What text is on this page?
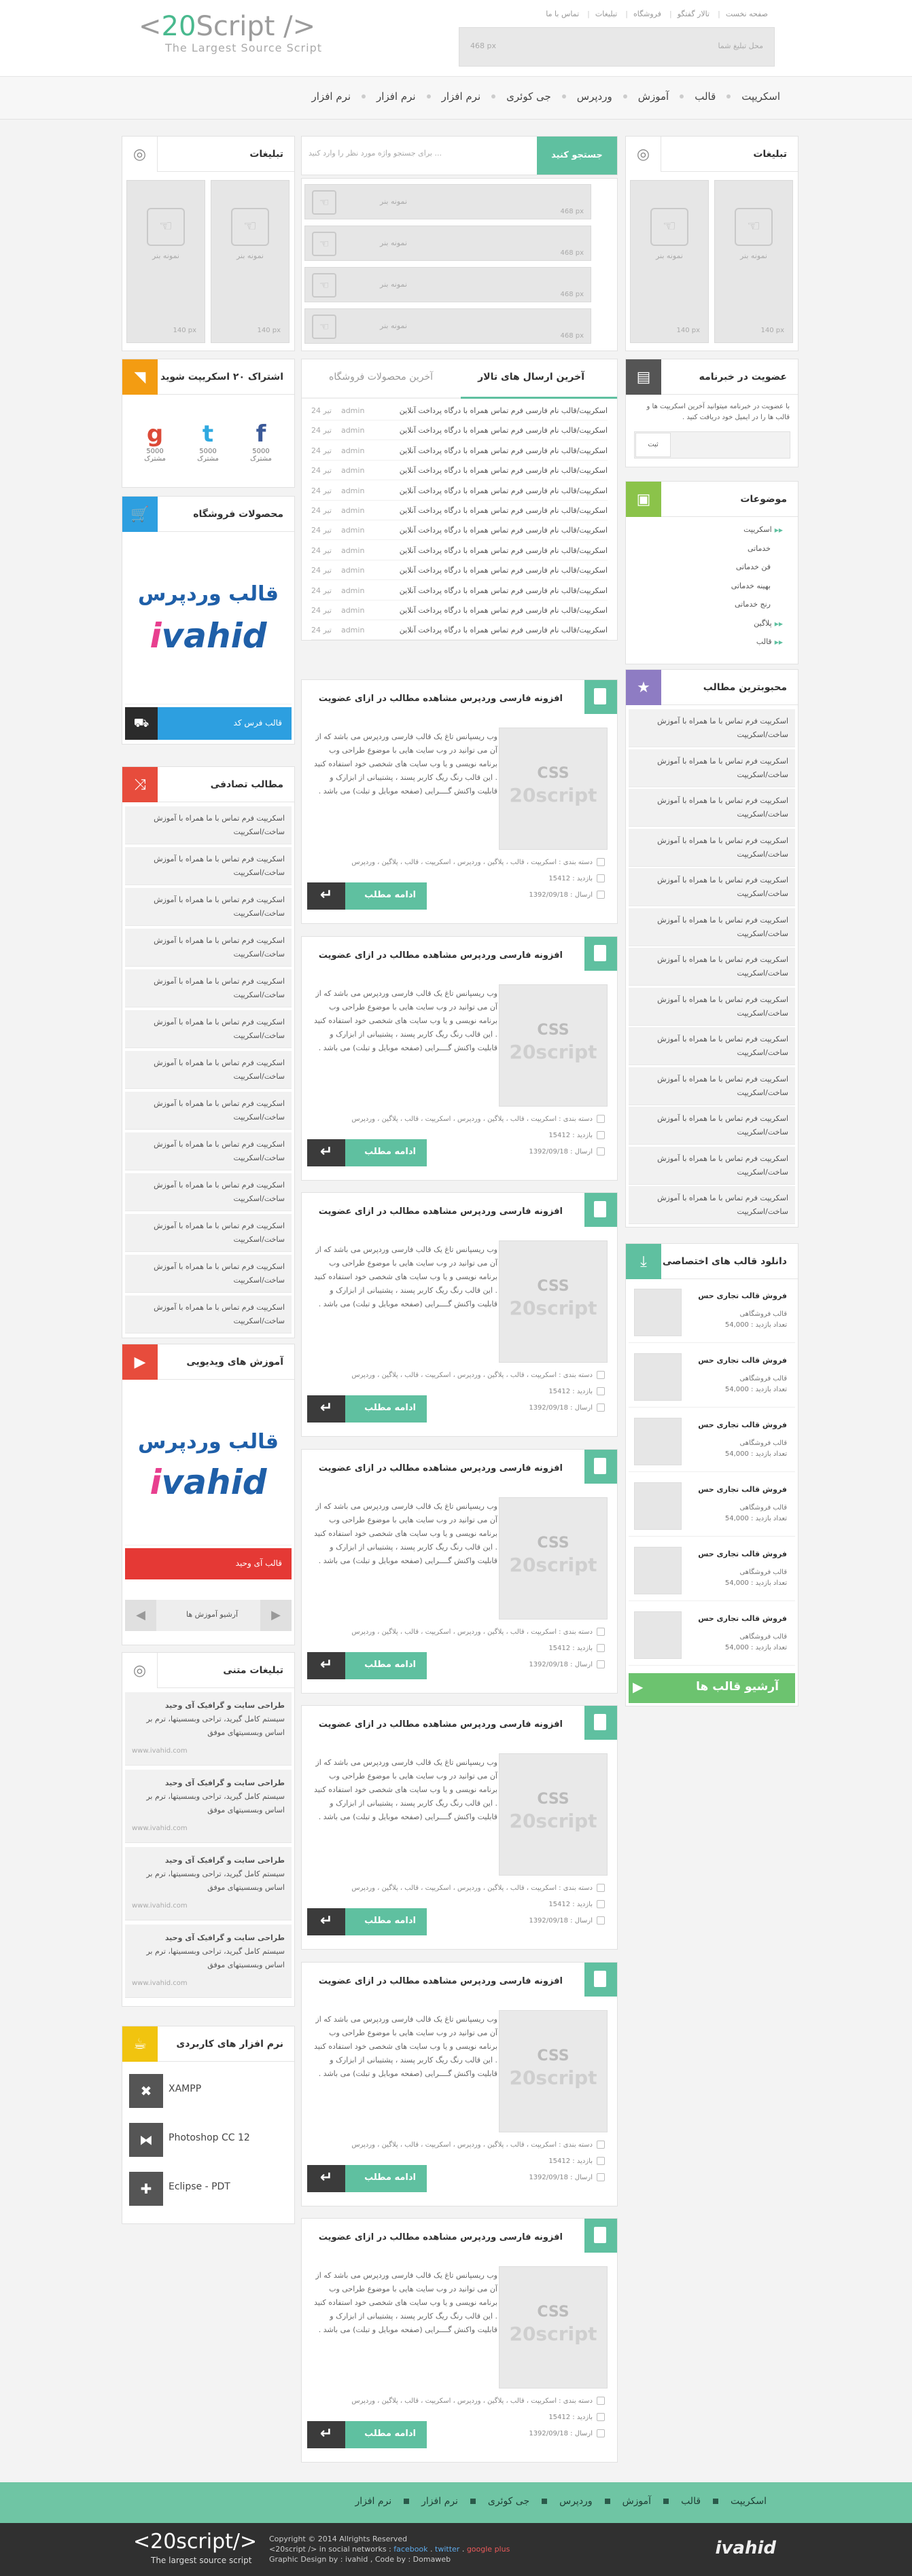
<20Script />
The Largest Source Script
صفحه نخست
| تالار گفتگو
| فروشگاه
| تبلیغات
| تماس با ما
468 px	محل تبلیغ شما
اسکریپت
قالب
آموزش
وردپرس
جی کوئری
نرم افزار
نرم افزار
نرم افزار
تبلیغات
◎
☜
نمونه بنر
140 px
☜
نمونه بنر
140 px
اشتراک ۲۰ اسکریپت شوید
◥
g
5000
مشترک
t
5000
مشترک
f
5000
مشترک
محصولات فروشگاه
🛒
قالب وردپرس
ivahid
قالب فرس کد
⛟
مطالب تصادفی
⤨
اسکریپت فرم تماس با ما همراه با آموزش ساخت/اسکریپت
اسکریپت فرم تماس با ما همراه با آموزش ساخت/اسکریپت
اسکریپت فرم تماس با ما همراه با آموزش ساخت/اسکریپت
اسکریپت فرم تماس با ما همراه با آموزش ساخت/اسکریپت
اسکریپت فرم تماس با ما همراه با آموزش ساخت/اسکریپت
اسکریپت فرم تماس با ما همراه با آموزش ساخت/اسکریپت
اسکریپت فرم تماس با ما همراه با آموزش ساخت/اسکریپت
اسکریپت فرم تماس با ما همراه با آموزش ساخت/اسکریپت
اسکریپت فرم تماس با ما همراه با آموزش ساخت/اسکریپت
اسکریپت فرم تماس با ما همراه با آموزش ساخت/اسکریپت
اسکریپت فرم تماس با ما همراه با آموزش ساخت/اسکریپت
اسکریپت فرم تماس با ما همراه با آموزش ساخت/اسکریپت
اسکریپت فرم تماس با ما همراه با آموزش ساخت/اسکریپت
آموزش های ویدیویی
▶
قالب وردپرس
ivahid
قالب آی وحید
◀	آرشیو آموزش ها	▶
تبلیغات متنی
◎
طراحی سایت و گرافیک آی وحید
سیستم کامل گیرید، تراحی وبسسیتها، ترم بر اساس وبسسیتهای موفق
www.ivahid.com
طراحی سایت و گرافیک آی وحید
سیستم کامل گیرید، تراحی وبسسیتها، ترم بر اساس وبسسیتهای موفق
www.ivahid.com
طراحی سایت و گرافیک آی وحید
سیستم کامل گیرید، تراحی وبسسیتها، ترم بر اساس وبسسیتهای موفق
www.ivahid.com
طراحی سایت و گرافیک آی وحید
سیستم کامل گیرید، تراحی وبسسیتها، ترم بر اساس وبسسیتهای موفق
www.ivahid.com
نرم افزار های کاربردی
☕
✖	XAMPP
⧓	Photoshop CC 12
✚	Eclipse - PDT
برای جستجو واژه مورد نظر را وارد کنید ...	جستجو کنید
☜	نمونه بنر
468 px
☜	نمونه بنر
468 px
☜	نمونه بنر
468 px
☜	نمونه بنر
468 px
آخرین ارسال های تالار
آخرین محصولات فروشگاه
اسکریپت/قالب نام فارسی فرم تماس همراه با درگاه پرداخت آنلاین
24 تیر admin
اسکریپت/قالب نام فارسی فرم تماس همراه با درگاه پرداخت آنلاین
24 تیر admin
اسکریپت/قالب نام فارسی فرم تماس همراه با درگاه پرداخت آنلاین
24 تیر admin
اسکریپت/قالب نام فارسی فرم تماس همراه با درگاه پرداخت آنلاین
24 تیر admin
اسکریپت/قالب نام فارسی فرم تماس همراه با درگاه پرداخت آنلاین
24 تیر admin
اسکریپت/قالب نام فارسی فرم تماس همراه با درگاه پرداخت آنلاین
24 تیر admin
اسکریپت/قالب نام فارسی فرم تماس همراه با درگاه پرداخت آنلاین
24 تیر admin
اسکریپت/قالب نام فارسی فرم تماس همراه با درگاه پرداخت آنلاین
24 تیر admin
اسکریپت/قالب نام فارسی فرم تماس همراه با درگاه پرداخت آنلاین
24 تیر admin
اسکریپت/قالب نام فارسی فرم تماس همراه با درگاه پرداخت آنلاین
24 تیر admin
اسکریپت/قالب نام فارسی فرم تماس همراه با درگاه پرداخت آنلاین
24 تیر admin
اسکریپت/قالب نام فارسی فرم تماس همراه با درگاه پرداخت آنلاین
24 تیر admin
افزونه فارسی وردپرس مشاهده مطالب در ازای عضویت
CSS
20script
وب ریسپانس تاغ یک قالب فارسی وردپرس می باشد که از آن می توانید در وب سایت هایی با موضوع طراحی وب برنامه نویسی و یا وب سایت های شخصی خود استفاده کنید . این قالب رنگ ریگ کاربر پسند ، پشتیبانی از ابزارک و قابلیت واکنش گــــرایی (صفحه موبایل و تبلت) می باشد .
دسته بندی : اسکریپت ، قالب ، پلاگین ، وردپرس ، اسکریپت ، قالب ، پلاگین ، وردپرس
بازدید : 15412
ارسال : 1392/09/18
ادامه مطلب
↵
افزونه فارسی وردپرس مشاهده مطالب در ازای عضویت
CSS
20script
وب ریسپانس تاغ یک قالب فارسی وردپرس می باشد که از آن می توانید در وب سایت هایی با موضوع طراحی وب برنامه نویسی و یا وب سایت های شخصی خود استفاده کنید . این قالب رنگ ریگ کاربر پسند ، پشتیبانی از ابزارک و قابلیت واکنش گــــرایی (صفحه موبایل و تبلت) می باشد .
دسته بندی : اسکریپت ، قالب ، پلاگین ، وردپرس ، اسکریپت ، قالب ، پلاگین ، وردپرس
بازدید : 15412
ارسال : 1392/09/18
ادامه مطلب
↵
افزونه فارسی وردپرس مشاهده مطالب در ازای عضویت
CSS
20script
وب ریسپانس تاغ یک قالب فارسی وردپرس می باشد که از آن می توانید در وب سایت هایی با موضوع طراحی وب برنامه نویسی و یا وب سایت های شخصی خود استفاده کنید . این قالب رنگ ریگ کاربر پسند ، پشتیبانی از ابزارک و قابلیت واکنش گــــرایی (صفحه موبایل و تبلت) می باشد .
دسته بندی : اسکریپت ، قالب ، پلاگین ، وردپرس ، اسکریپت ، قالب ، پلاگین ، وردپرس
بازدید : 15412
ارسال : 1392/09/18
ادامه مطلب
↵
افزونه فارسی وردپرس مشاهده مطالب در ازای عضویت
CSS
20script
وب ریسپانس تاغ یک قالب فارسی وردپرس می باشد که از آن می توانید در وب سایت هایی با موضوع طراحی وب برنامه نویسی و یا وب سایت های شخصی خود استفاده کنید . این قالب رنگ ریگ کاربر پسند ، پشتیبانی از ابزارک و قابلیت واکنش گــــرایی (صفحه موبایل و تبلت) می باشد .
دسته بندی : اسکریپت ، قالب ، پلاگین ، وردپرس ، اسکریپت ، قالب ، پلاگین ، وردپرس
بازدید : 15412
ارسال : 1392/09/18
ادامه مطلب
↵
افزونه فارسی وردپرس مشاهده مطالب در ازای عضویت
CSS
20script
وب ریسپانس تاغ یک قالب فارسی وردپرس می باشد که از آن می توانید در وب سایت هایی با موضوع طراحی وب برنامه نویسی و یا وب سایت های شخصی خود استفاده کنید . این قالب رنگ ریگ کاربر پسند ، پشتیبانی از ابزارک و قابلیت واکنش گــــرایی (صفحه موبایل و تبلت) می باشد .
دسته بندی : اسکریپت ، قالب ، پلاگین ، وردپرس ، اسکریپت ، قالب ، پلاگین ، وردپرس
بازدید : 15412
ارسال : 1392/09/18
ادامه مطلب
↵
افزونه فارسی وردپرس مشاهده مطالب در ازای عضویت
CSS
20script
وب ریسپانس تاغ یک قالب فارسی وردپرس می باشد که از آن می توانید در وب سایت هایی با موضوع طراحی وب برنامه نویسی و یا وب سایت های شخصی خود استفاده کنید . این قالب رنگ ریگ کاربر پسند ، پشتیبانی از ابزارک و قابلیت واکنش گــــرایی (صفحه موبایل و تبلت) می باشد .
دسته بندی : اسکریپت ، قالب ، پلاگین ، وردپرس ، اسکریپت ، قالب ، پلاگین ، وردپرس
بازدید : 15412
ارسال : 1392/09/18
ادامه مطلب
↵
افزونه فارسی وردپرس مشاهده مطالب در ازای عضویت
CSS
20script
وب ریسپانس تاغ یک قالب فارسی وردپرس می باشد که از آن می توانید در وب سایت هایی با موضوع طراحی وب برنامه نویسی و یا وب سایت های شخصی خود استفاده کنید . این قالب رنگ ریگ کاربر پسند ، پشتیبانی از ابزارک و قابلیت واکنش گــــرایی (صفحه موبایل و تبلت) می باشد .
دسته بندی : اسکریپت ، قالب ، پلاگین ، وردپرس ، اسکریپت ، قالب ، پلاگین ، وردپرس
بازدید : 15412
ارسال : 1392/09/18
ادامه مطلب
↵
تبلیغات
◎
☜
نمونه بنر
140 px
☜
نمونه بنر
140 px
عضویت در خبرنامه
▤
با عضویت در خبرنامه میتوانید آخرین اسکریپت ها و قالب ها را در ایمیل خود دریافت کنید .
ثبت
موضوعات
▣
▶▶اسکریپت
خدماتی
فن خدماتی
بهینه خدماتی
رنج خدماتی
▶▶پلاگین
▶▶قالب
محبوبترین مطالب
★
اسکریپت فرم تماس با ما همراه با آموزش ساخت/اسکریپت
اسکریپت فرم تماس با ما همراه با آموزش ساخت/اسکریپت
اسکریپت فرم تماس با ما همراه با آموزش ساخت/اسکریپت
اسکریپت فرم تماس با ما همراه با آموزش ساخت/اسکریپت
اسکریپت فرم تماس با ما همراه با آموزش ساخت/اسکریپت
اسکریپت فرم تماس با ما همراه با آموزش ساخت/اسکریپت
اسکریپت فرم تماس با ما همراه با آموزش ساخت/اسکریپت
اسکریپت فرم تماس با ما همراه با آموزش ساخت/اسکریپت
اسکریپت فرم تماس با ما همراه با آموزش ساخت/اسکریپت
اسکریپت فرم تماس با ما همراه با آموزش ساخت/اسکریپت
اسکریپت فرم تماس با ما همراه با آموزش ساخت/اسکریپت
اسکریپت فرم تماس با ما همراه با آموزش ساخت/اسکریپت
اسکریپت فرم تماس با ما همراه با آموزش ساخت/اسکریپت
دانلود قالب های اختصاصی
⤓
فروش قالب تجاری حس
قالب فروشگاهی
تعداد بازدید : 54,000
فروش قالب تجاری حس
قالب فروشگاهی
تعداد بازدید : 54,000
فروش قالب تجاری حس
قالب فروشگاهی
تعداد بازدید : 54,000
فروش قالب تجاری حس
قالب فروشگاهی
تعداد بازدید : 54,000
فروش قالب تجاری حس
قالب فروشگاهی
تعداد بازدید : 54,000
فروش قالب تجاری حس
قالب فروشگاهی
تعداد بازدید : 54,000
آرشیو قالب ها
▶
اسکریپت
قالب
آموزش
وردپرس
جی کوئری
نرم افزار
نرم افزار
<20script/>
The largest source script
Copyright © 2014 Allrights Reserved
<20script /> in social networks : facebook . twitter . google plus
Graphic Design by : ivahid , Code by : Domaweb
ivahid
